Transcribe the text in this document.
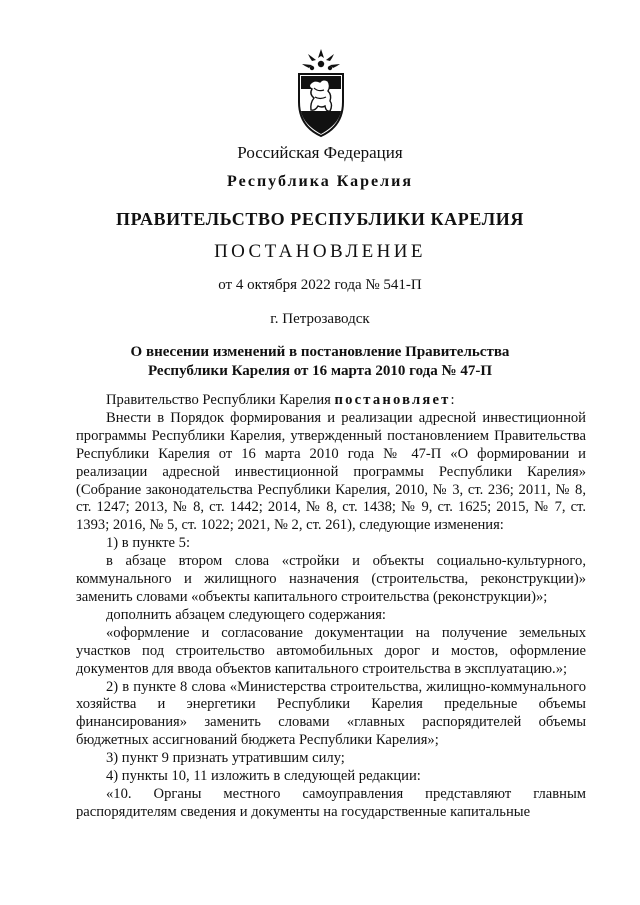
Российская Федерация
Республика Карелия
ПРАВИТЕЛЬСТВО РЕСПУБЛИКИ КАРЕЛИЯ
ПОСТАНОВЛЕНИЕ
от 4 октября 2022 года № 541-П
г. Петрозаводск
О внесении изменений в постановление Правительства
Республики Карелия от 16 марта 2010 года № 47-П

Правительство Республики Карелия постановляет:

Внести в Порядок формирования и реализации адресной инвестиционной программы Республики Карелия, утвержденный постановлением Правительства Республики Карелия от 16 марта 2010 года № 47-П «О формировании и реализации адресной инвестиционной программы Республики Карелия» (Собрание законодательства Республики Карелия, 2010, № 3, ст. 236; 2011, № 8, ст. 1247; 2013, № 8, ст. 1442; 2014, № 8, ст. 1438; № 9, ст. 1625; 2015, № 7, ст. 1393; 2016, № 5, ст. 1022; 2021, № 2, ст. 261), следующие изменения:

1) в пункте 5:

в абзаце втором слова «стройки и объекты социально-культурного, коммунального и жилищного назначения (строительства, реконструкции)» заменить словами «объекты капитального строительства (реконструкции)»;

дополнить абзацем следующего содержания:

«оформление и согласование документации на получение земельных участков под строительство автомобильных дорог и мостов, оформление документов для ввода объектов капитального строительства в эксплуатацию.»;

2) в пункте 8 слова «Министерства строительства, жилищно-коммунального хозяйства и энергетики Республики Карелия предельные объемы финансирования» заменить словами «главных распорядителей объемы бюджетных ассигнований бюджета Республики Карелия»;

3) пункт 9 признать утратившим силу;

4) пункты 10, 11 изложить в следующей редакции:

«10. Органы местного самоуправления представляют главным распорядителям сведения и документы на государственные капитальные
